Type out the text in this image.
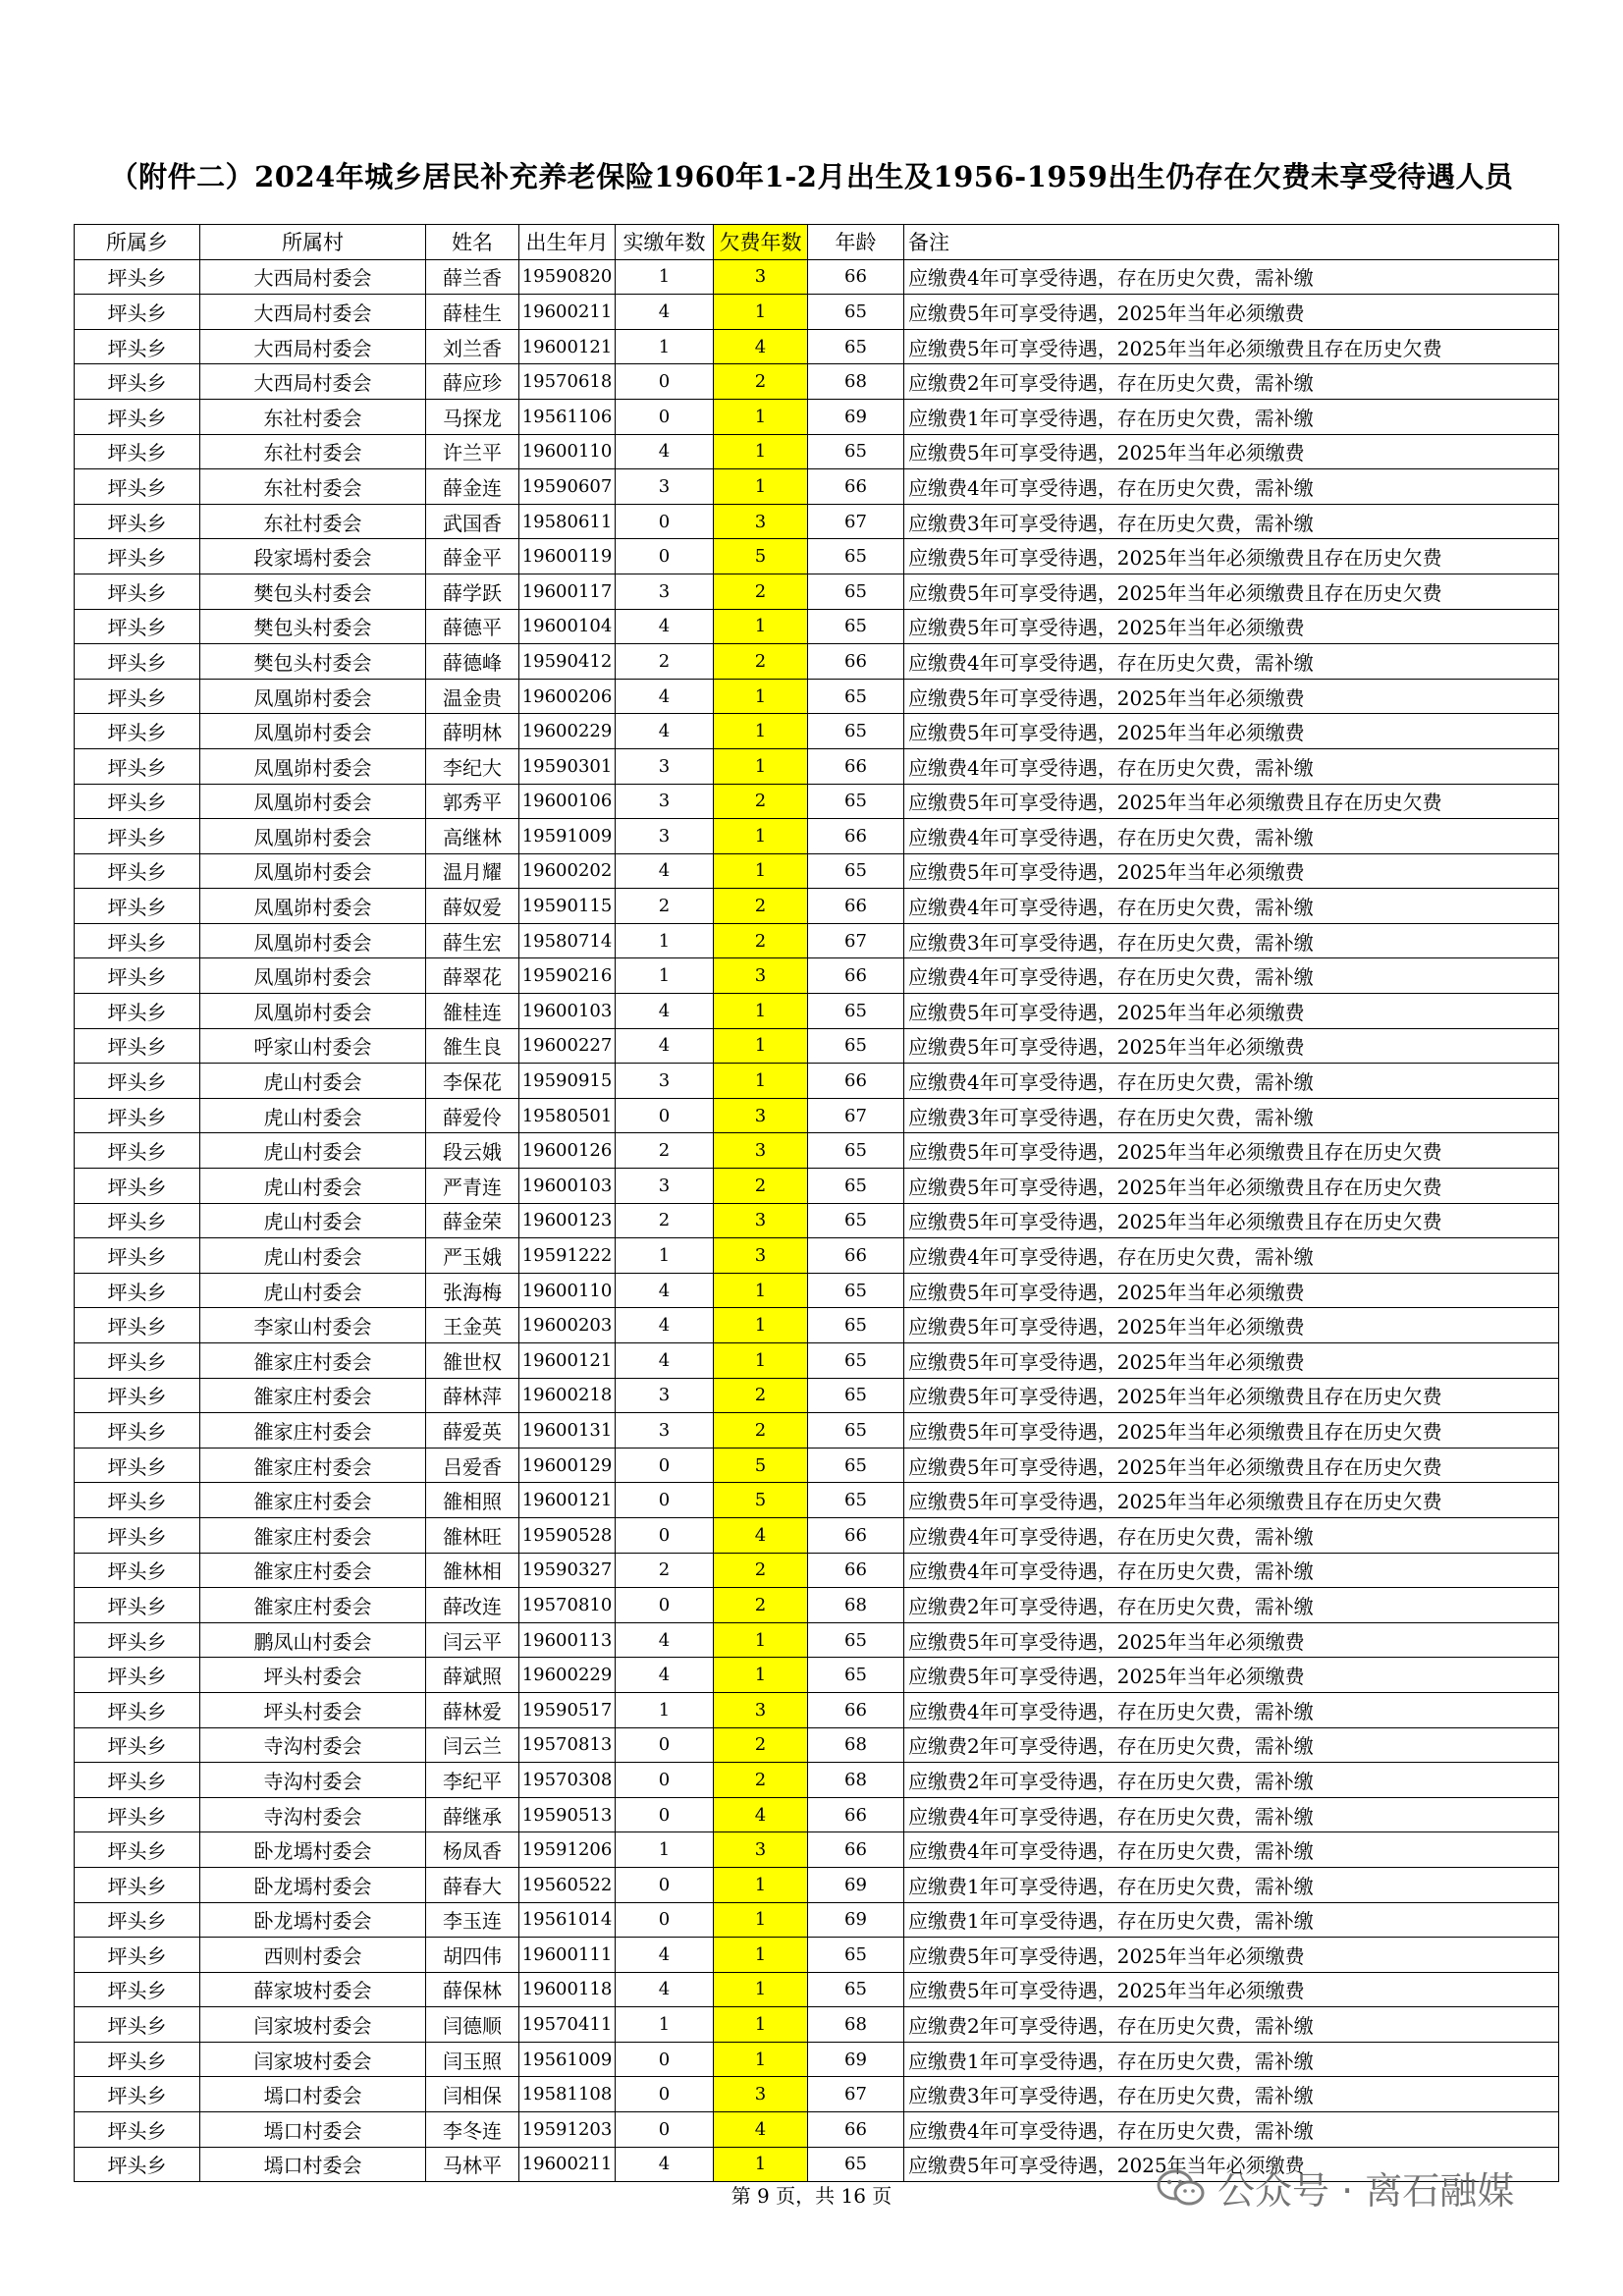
（附件二）2024年城乡居民补充养老保险1960年1-2月出生及1956-1959出生仍存在欠费未享受待遇人员
所属乡	所属村	姓名	出生年月	实缴年数	欠费年数	年龄	备注
坪头乡	大西局村委会	薛兰香	19590820	1	3	66	应缴费4年可享受待遇，存在历史欠费，需补缴
坪头乡	大西局村委会	薛桂生	19600211	4	1	65	应缴费5年可享受待遇，2025年当年必须缴费
坪头乡	大西局村委会	刘兰香	19600121	1	4	65	应缴费5年可享受待遇，2025年当年必须缴费且存在历史欠费
坪头乡	大西局村委会	薛应珍	19570618	0	2	68	应缴费2年可享受待遇，存在历史欠费，需补缴
坪头乡	东社村委会	马探龙	19561106	0	1	69	应缴费1年可享受待遇，存在历史欠费，需补缴
坪头乡	东社村委会	许兰平	19600110	4	1	65	应缴费5年可享受待遇，2025年当年必须缴费
坪头乡	东社村委会	薛金连	19590607	3	1	66	应缴费4年可享受待遇，存在历史欠费，需补缴
坪头乡	东社村委会	武国香	19580611	0	3	67	应缴费3年可享受待遇，存在历史欠费，需补缴
坪头乡	段家墕村委会	薛金平	19600119	0	5	65	应缴费5年可享受待遇，2025年当年必须缴费且存在历史欠费
坪头乡	樊包头村委会	薛学跃	19600117	3	2	65	应缴费5年可享受待遇，2025年当年必须缴费且存在历史欠费
坪头乡	樊包头村委会	薛德平	19600104	4	1	65	应缴费5年可享受待遇，2025年当年必须缴费
坪头乡	樊包头村委会	薛德峰	19590412	2	2	66	应缴费4年可享受待遇，存在历史欠费，需补缴
坪头乡	凤凰峁村委会	温金贵	19600206	4	1	65	应缴费5年可享受待遇，2025年当年必须缴费
坪头乡	凤凰峁村委会	薛明林	19600229	4	1	65	应缴费5年可享受待遇，2025年当年必须缴费
坪头乡	凤凰峁村委会	李纪大	19590301	3	1	66	应缴费4年可享受待遇，存在历史欠费，需补缴
坪头乡	凤凰峁村委会	郭秀平	19600106	3	2	65	应缴费5年可享受待遇，2025年当年必须缴费且存在历史欠费
坪头乡	凤凰峁村委会	高继林	19591009	3	1	66	应缴费4年可享受待遇，存在历史欠费，需补缴
坪头乡	凤凰峁村委会	温月耀	19600202	4	1	65	应缴费5年可享受待遇，2025年当年必须缴费
坪头乡	凤凰峁村委会	薛奴爱	19590115	2	2	66	应缴费4年可享受待遇，存在历史欠费，需补缴
坪头乡	凤凰峁村委会	薛生宏	19580714	1	2	67	应缴费3年可享受待遇，存在历史欠费，需补缴
坪头乡	凤凰峁村委会	薛翠花	19590216	1	3	66	应缴费4年可享受待遇，存在历史欠费，需补缴
坪头乡	凤凰峁村委会	雒桂连	19600103	4	1	65	应缴费5年可享受待遇，2025年当年必须缴费
坪头乡	呼家山村委会	雒生良	19600227	4	1	65	应缴费5年可享受待遇，2025年当年必须缴费
坪头乡	虎山村委会	李保花	19590915	3	1	66	应缴费4年可享受待遇，存在历史欠费，需补缴
坪头乡	虎山村委会	薛爱伶	19580501	0	3	67	应缴费3年可享受待遇，存在历史欠费，需补缴
坪头乡	虎山村委会	段云娥	19600126	2	3	65	应缴费5年可享受待遇，2025年当年必须缴费且存在历史欠费
坪头乡	虎山村委会	严青连	19600103	3	2	65	应缴费5年可享受待遇，2025年当年必须缴费且存在历史欠费
坪头乡	虎山村委会	薛金荣	19600123	2	3	65	应缴费5年可享受待遇，2025年当年必须缴费且存在历史欠费
坪头乡	虎山村委会	严玉娥	19591222	1	3	66	应缴费4年可享受待遇，存在历史欠费，需补缴
坪头乡	虎山村委会	张海梅	19600110	4	1	65	应缴费5年可享受待遇，2025年当年必须缴费
坪头乡	李家山村委会	王金英	19600203	4	1	65	应缴费5年可享受待遇，2025年当年必须缴费
坪头乡	雒家庄村委会	雒世权	19600121	4	1	65	应缴费5年可享受待遇，2025年当年必须缴费
坪头乡	雒家庄村委会	薛林萍	19600218	3	2	65	应缴费5年可享受待遇，2025年当年必须缴费且存在历史欠费
坪头乡	雒家庄村委会	薛爱英	19600131	3	2	65	应缴费5年可享受待遇，2025年当年必须缴费且存在历史欠费
坪头乡	雒家庄村委会	吕爱香	19600129	0	5	65	应缴费5年可享受待遇，2025年当年必须缴费且存在历史欠费
坪头乡	雒家庄村委会	雒相照	19600121	0	5	65	应缴费5年可享受待遇，2025年当年必须缴费且存在历史欠费
坪头乡	雒家庄村委会	雒林旺	19590528	0	4	66	应缴费4年可享受待遇，存在历史欠费，需补缴
坪头乡	雒家庄村委会	雒林相	19590327	2	2	66	应缴费4年可享受待遇，存在历史欠费，需补缴
坪头乡	雒家庄村委会	薛改连	19570810	0	2	68	应缴费2年可享受待遇，存在历史欠费，需补缴
坪头乡	鹏凤山村委会	闫云平	19600113	4	1	65	应缴费5年可享受待遇，2025年当年必须缴费
坪头乡	坪头村委会	薛斌照	19600229	4	1	65	应缴费5年可享受待遇，2025年当年必须缴费
坪头乡	坪头村委会	薛林爱	19590517	1	3	66	应缴费4年可享受待遇，存在历史欠费，需补缴
坪头乡	寺沟村委会	闫云兰	19570813	0	2	68	应缴费2年可享受待遇，存在历史欠费，需补缴
坪头乡	寺沟村委会	李纪平	19570308	0	2	68	应缴费2年可享受待遇，存在历史欠费，需补缴
坪头乡	寺沟村委会	薛继承	19590513	0	4	66	应缴费4年可享受待遇，存在历史欠费，需补缴
坪头乡	卧龙墕村委会	杨凤香	19591206	1	3	66	应缴费4年可享受待遇，存在历史欠费，需补缴
坪头乡	卧龙墕村委会	薛春大	19560522	0	1	69	应缴费1年可享受待遇，存在历史欠费，需补缴
坪头乡	卧龙墕村委会	李玉连	19561014	0	1	69	应缴费1年可享受待遇，存在历史欠费，需补缴
坪头乡	西则村委会	胡四伟	19600111	4	1	65	应缴费5年可享受待遇，2025年当年必须缴费
坪头乡	薛家坡村委会	薛保林	19600118	4	1	65	应缴费5年可享受待遇，2025年当年必须缴费
坪头乡	闫家坡村委会	闫德顺	19570411	1	1	68	应缴费2年可享受待遇，存在历史欠费，需补缴
坪头乡	闫家坡村委会	闫玉照	19561009	0	1	69	应缴费1年可享受待遇，存在历史欠费，需补缴
坪头乡	墕口村委会	闫相保	19581108	0	3	67	应缴费3年可享受待遇，存在历史欠费，需补缴
坪头乡	墕口村委会	李冬连	19591203	0	4	66	应缴费4年可享受待遇，存在历史欠费，需补缴
坪头乡	墕口村委会	马林平	19600211	4	1	65	应缴费5年可享受待遇，2025年当年必须缴费
第 9 页，共 16 页	公众号 · 离石融媒
